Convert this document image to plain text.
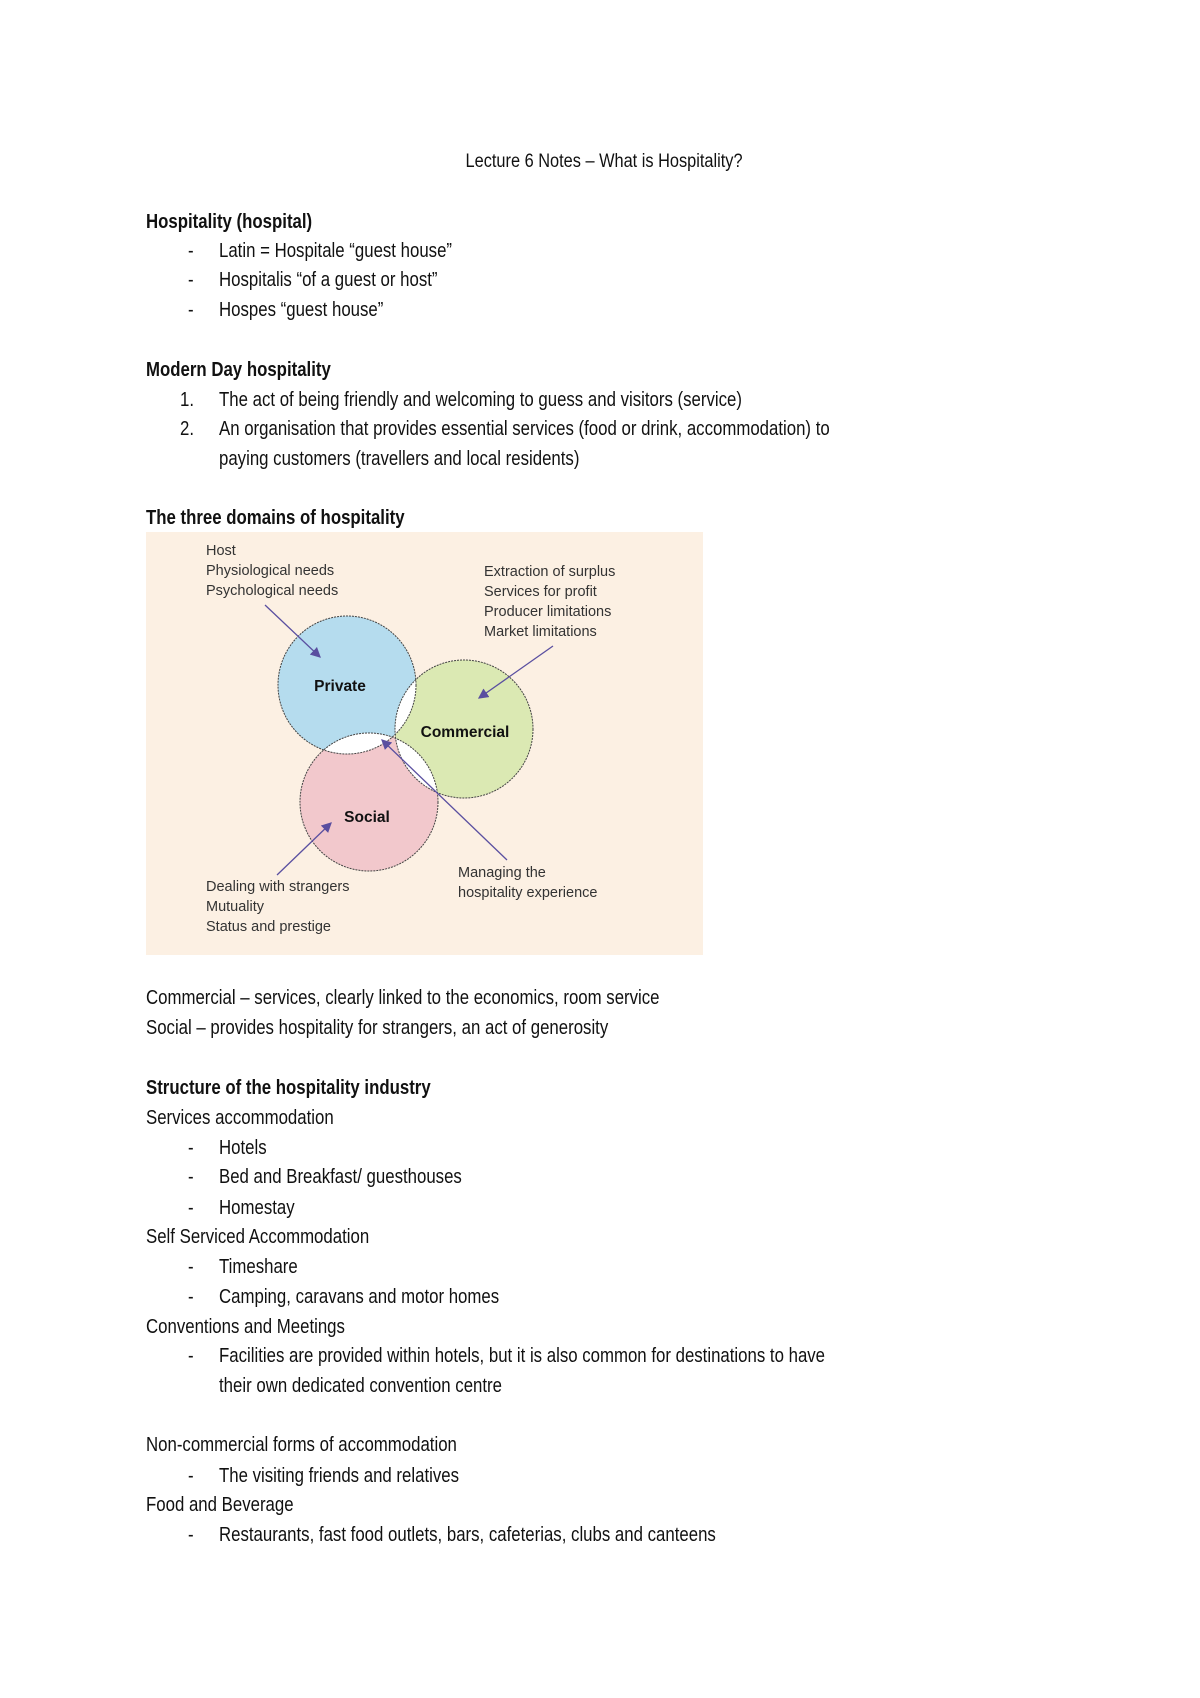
Lecture 6 Notes – What is Hospitality?
Hospitality (hospital)
- Latin = Hospitale “guest house”
- Hospitalis “of a guest or host”
- Hospes “guest house”
Modern Day hospitality
1. The act of being friendly and welcoming to guess and visitors (service)
2. An organisation that provides essential services (food or drink, accommodation) to
paying customers (travellers and local residents)
The three domains of hospitality
Private
Commercial
Social
Host
Physiological needs
Psychological needs
Extraction of surplus
Services for profit
Producer limitations
Market limitations
Dealing with strangers
Mutuality
Status and prestige
Managing the
hospitality experience
Commercial – services, clearly linked to the economics, room service
Social – provides hospitality for strangers, an act of generosity
Structure of the hospitality industry
Services accommodation
- Hotels
- Bed and Breakfast/ guesthouses
- Homestay
Self Serviced Accommodation
- Timeshare
- Camping, caravans and motor homes
Conventions and Meetings
- Facilities are provided within hotels, but it is also common for destinations to have
their own dedicated convention centre
Non-commercial forms of accommodation
- The visiting friends and relatives
Food and Beverage
- Restaurants, fast food outlets, bars, cafeterias, clubs and canteens
